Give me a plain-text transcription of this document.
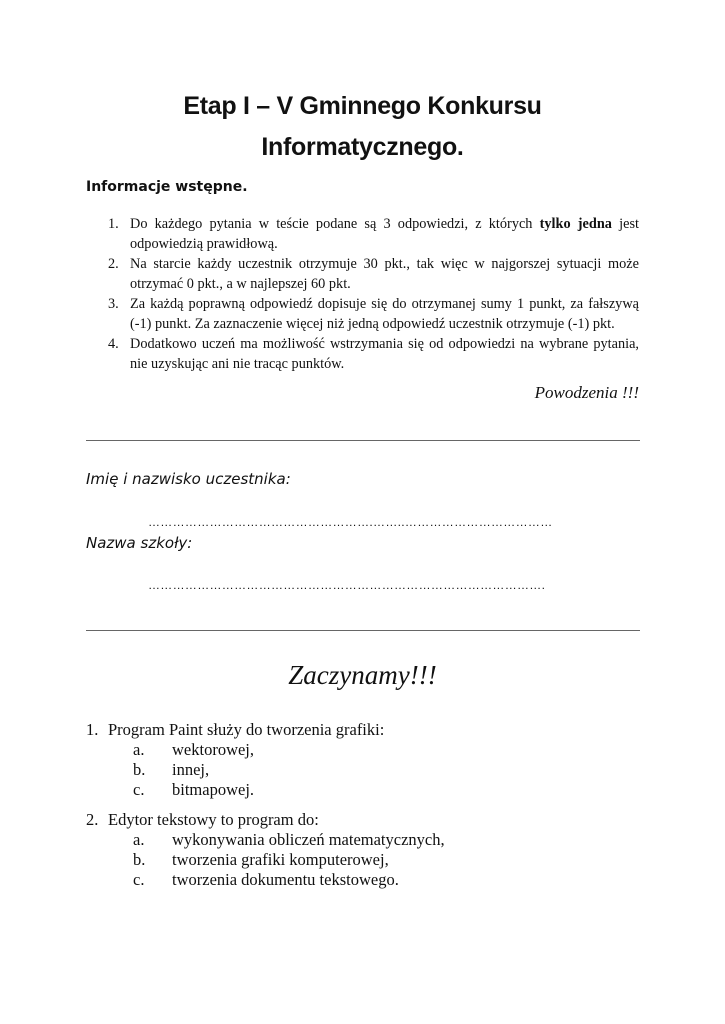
Etap I – V Gminnego Konkursu
Informatycznego.

Informacje wstępne.

1. Do każdego pytania w teście podane są 3 odpowiedzi, z których tylko jedna jest odpowiedzią prawidłową.
2. Na starcie każdy uczestnik otrzymuje 30 pkt., tak więc w najgorszej sytuacji może otrzymać 0 pkt., a w najlepszej 60 pkt.
3. Za każdą poprawną odpowiedź dopisuje się do otrzymanej sumy 1 punkt, za fałszywą (-1) punkt. Za zaznaczenie więcej niż jedną odpowiedź uczestnik otrzymuje (-1) pkt.
4. Dodatkowo uczeń ma możliwość wstrzymania się od odpowiedzi na wybrane pytania, nie uzyskując ani nie tracąc punktów.

Powodzenia !!!

Imię i nazwisko uczestnika:

……………………………………………….……..………………………………

Nazwa szkoły:

…………………………………………………………………………………….

Zaczynamy!!!

1. Program Paint służy do tworzenia grafiki:

a. wektorowej,
b. innej,
c. bitmapowej.

2. Edytor tekstowy to program do:

a. wykonywania obliczeń matematycznych,
b. tworzenia grafiki komputerowej,
c. tworzenia dokumentu tekstowego.
